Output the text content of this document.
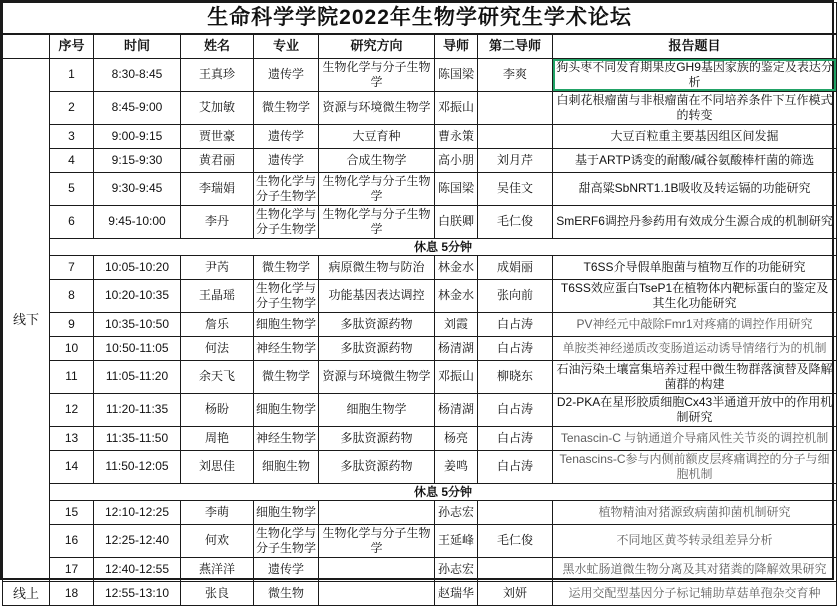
生命科学学院2022年生物学研究生学术论坛								
	序号	时间	姓名	专业	研究方向	导师	第二导师	报告题目
线下	1	8:30-8:45	王真珍	遗传学	生物化学与分子生物学	陈国梁	李爽	狗头枣不同发育期果皮GH9基因家族的鉴定及表达分析
	2	8:45-9:00	艾加敏	微生物学	资源与环境微生物学	邓振山		白刺花根瘤菌与非根瘤菌在不同培养条件下互作模式的转变
	3	9:00-9:15	贾世豪	遗传学	大豆育种	曹永策		大豆百粒重主要基因组区间发掘
	4	9:15-9:30	黄君丽	遗传学	合成生物学	高小朋	刘月芹	基于ARTP诱变的耐酸/碱谷氨酸棒杆菌的筛选
	5	9:30-9:45	李瑞娟	生物化学与分子生物学	生物化学与分子生物学	陈国梁	吴佳文	甜高粱SbNRT1.1B吸收及转运镉的功能研究
	6	9:45-10:00	李丹	生物化学与分子生物学	生物化学与分子生物学	白朕卿	毛仁俊	SmERF6调控丹参药用有效成分生源合成的机制研究
	休息 5分钟							
	7	10:05-10:20	尹芮	微生物学	病原微生物与防治	林金水	成娟丽	T6SS介导假单胞菌与植物互作的功能研究
	8	10:20-10:35	王晶瑶	生物化学与分子生物学	功能基因表达调控	林金水	张向前	T6SS效应蛋白TseP1在植物体内靶标蛋白的鉴定及其生化功能研究
	9	10:35-10:50	詹乐	细胞生物学	多肽资源药物	刘霞	白占涛	PV神经元中敲除Fmr1对疼痛的调控作用研究
	10	10:50-11:05	何法	神经生物学	多肽资源药物	杨清湖	白占涛	单胺类神经递质改变肠道运动诱导情绪行为的机制
	11	11:05-11:20	余天飞	微生物学	资源与环境微生物学	邓振山	柳晓东	石油污染土壤富集培养过程中微生物群落演替及降解菌群的构建
	12	11:20-11:35	杨盼	细胞生物学	细胞生物学	杨清湖	白占涛	D2-PKA在星形胶质细胞Cx43半通道开放中的作用机制研究
	13	11:35-11:50	周艳	神经生物学	多肽资源药物	杨亮	白占涛	Tenascin-C 与钠通道介导痛风性关节炎的调控机制
	14	11:50-12:05	刘思佳	细胞生物	多肽资源药物	姜鸣	白占涛	Tenascins-C参与内侧前额皮层疼痛调控的分子与细胞机制
	休息 5分钟							
	15	12:10-12:25	李萌	细胞生物学		孙志宏		植物精油对猪源致病菌抑菌机制研究
	16	12:25-12:40	何欢	生物化学与分子生物学	生物化学与分子生物学	王延峰	毛仁俊	不同地区黄芩转录组差异分析
	17	12:40-12:55	燕洋洋	遗传学		孙志宏		黑水虻肠道微生物分离及其对猪粪的降解效果研究
线上	18	12:55-13:10	张良	微生物		赵瑞华	刘妍	运用交配型基因分子标记辅助草菇单孢杂交育种
